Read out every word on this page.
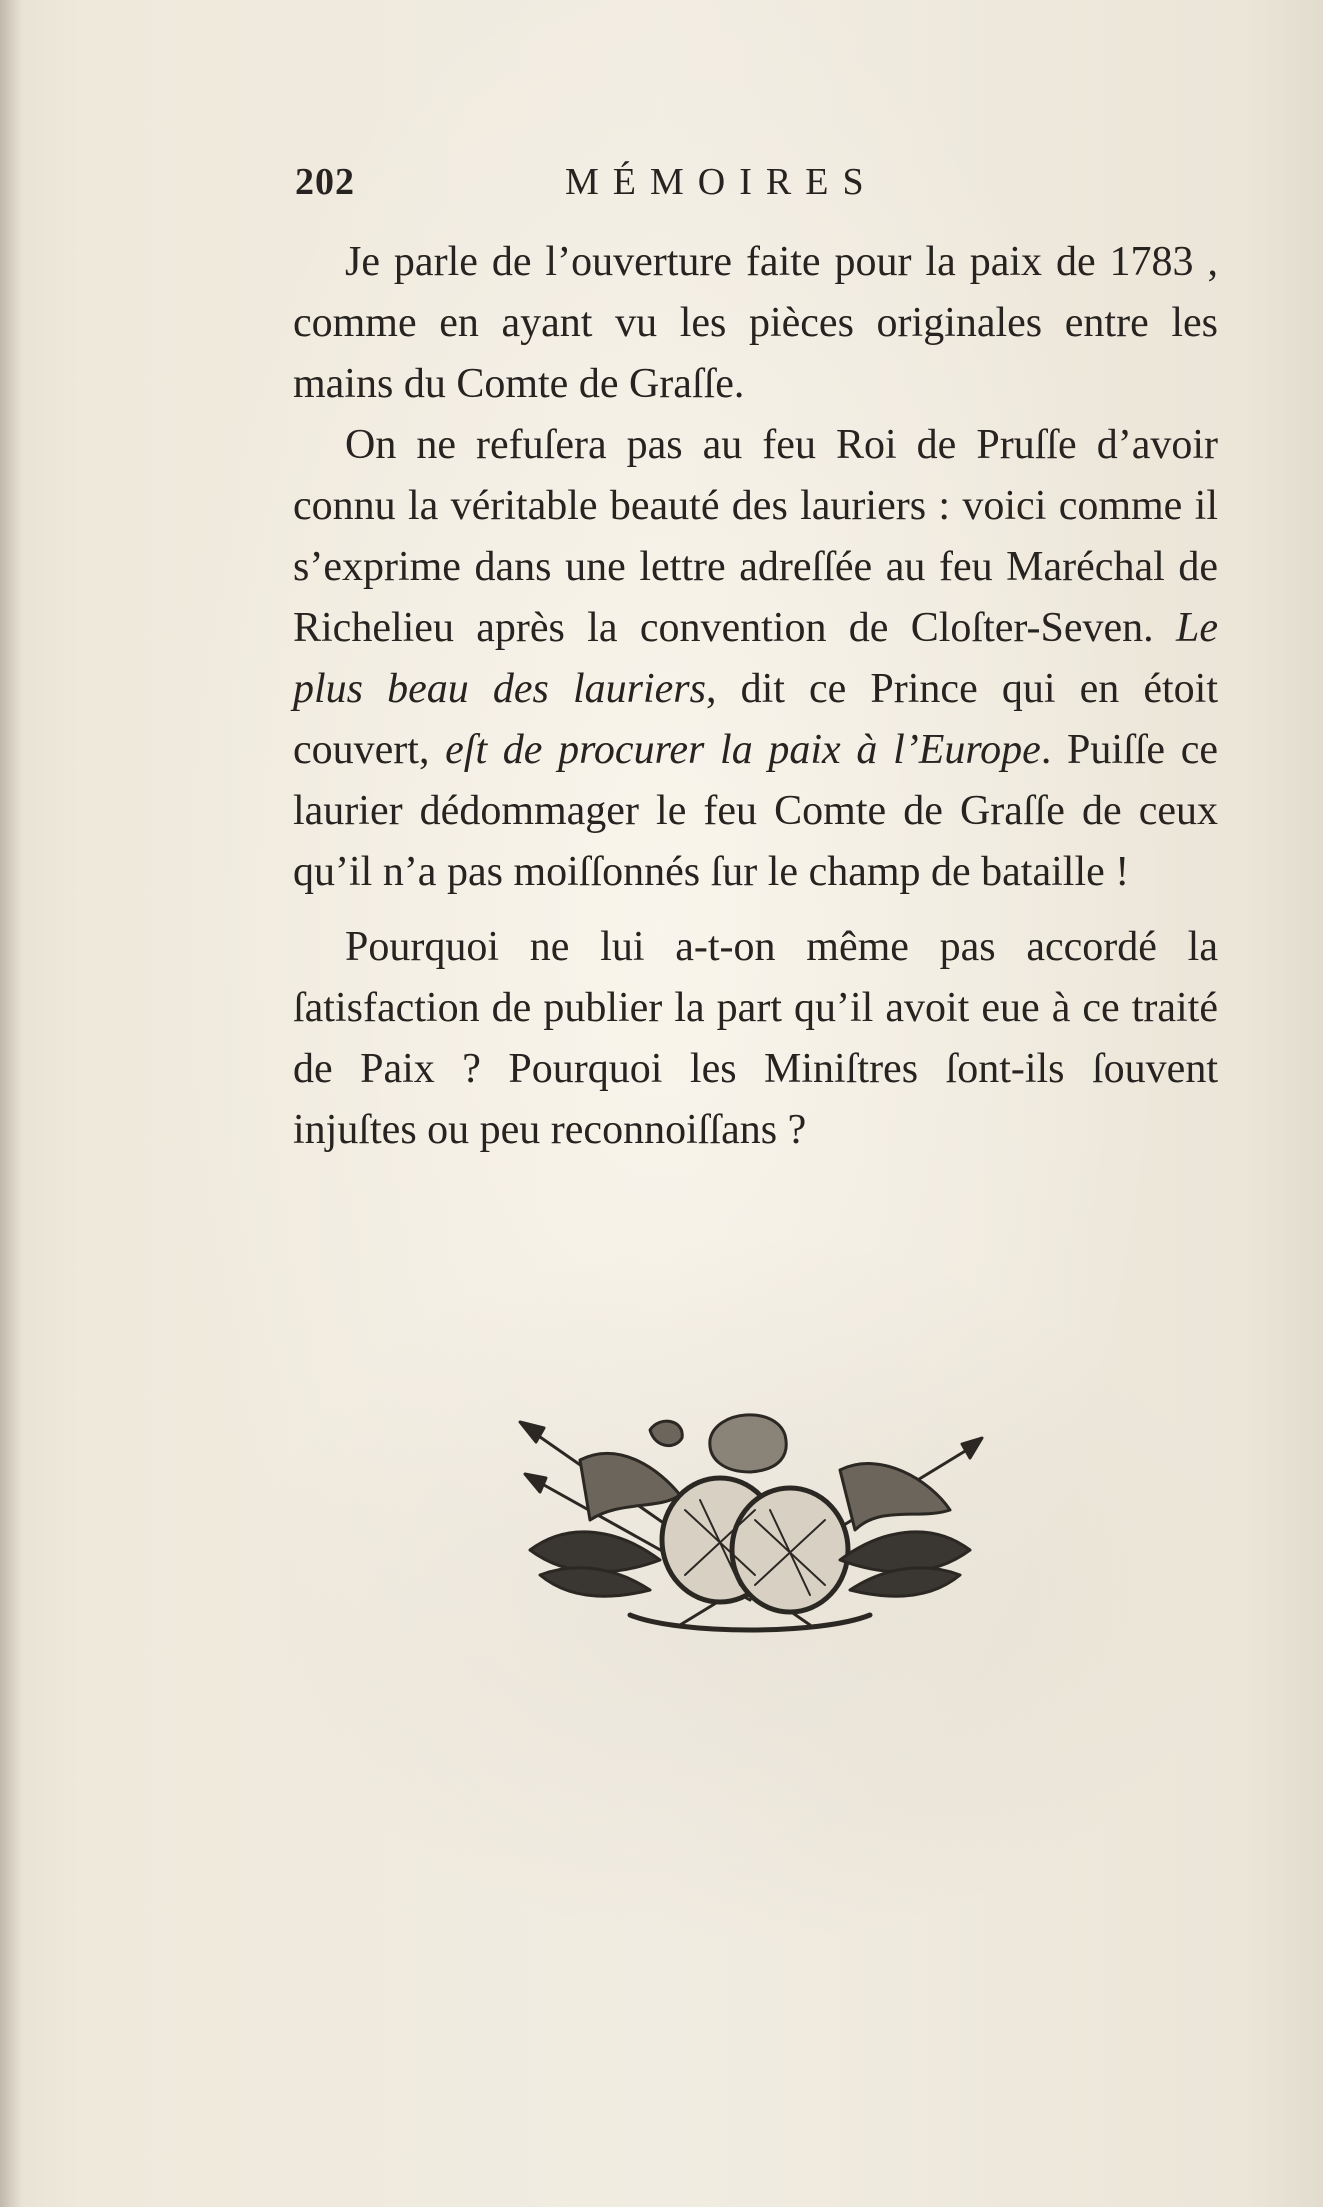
202	MÉMOIRES

Je parle de l’ouverture faite pour la paix de 1783 , comme en ayant vu les pièces originales entre les mains du Comte de Graſſe.

On ne refuſera pas au feu Roi de Pruſſe d’avoir connu la véritable beauté des lauriers : voici comme il s’exprime dans une lettre adreſſée au feu Maréchal de Richelieu après la convention de Cloſter-Seven. Le plus beau des lauriers, dit ce Prince qui en étoit couvert, eſt de procurer la paix à l’Europe. Puiſſe ce laurier dédommager le feu Comte de Graſſe de ceux qu’il n’a pas moiſſonnés ſur le champ de bataille !

Pourquoi ne lui a-t-on même pas accordé la ſatisfaction de publier la part qu’il avoit eue à ce traité de Paix ? Pourquoi les Miniſtres ſont-ils ſouvent injuſtes ou peu reconnoiſſans ?
